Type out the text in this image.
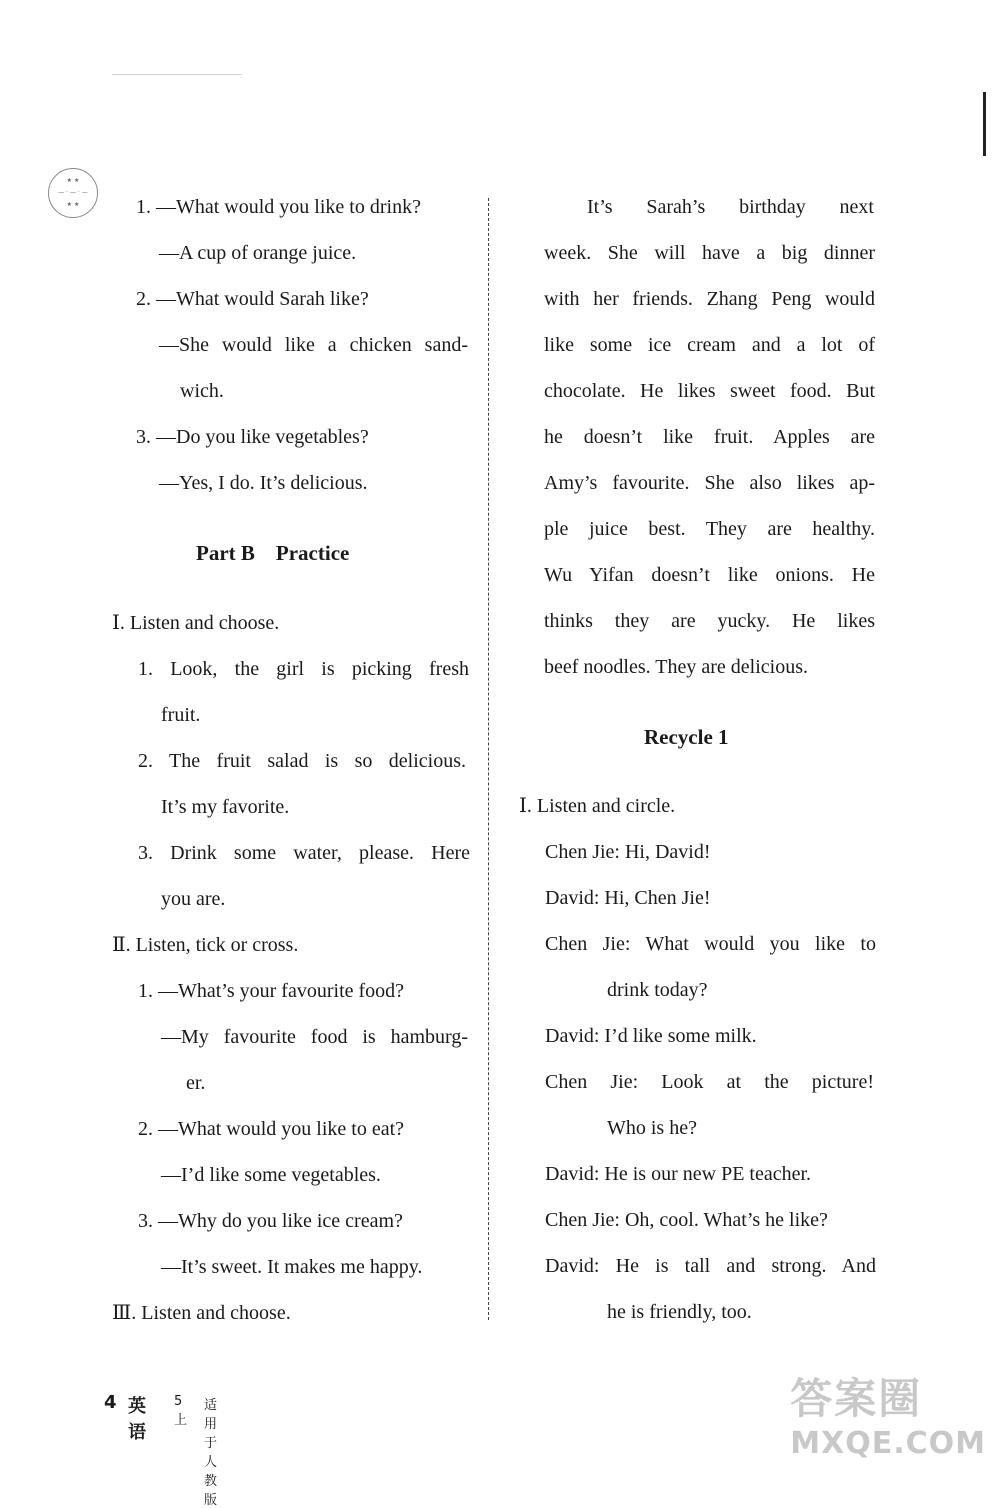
★ ★
— · — · —
★ ★	1. —What would you like to drink?
—A cup of orange juice.
2. —What would Sarah like?
—She would like a chicken sand-
wich.
3. —Do you like vegetables?
—Yes, I do. It’s delicious.
Part B    Practice
Ⅰ. Listen and choose.
1. Look, the girl is picking fresh
fruit.
2. The fruit salad is so delicious.
It’s my favorite.
3. Drink some water, please. Here
you are.
Ⅱ. Listen, tick or cross.
1. —What’s your favourite food?
—My favourite food is hamburg-
er.
2. —What would you like to eat?
—I’d like some vegetables.
3. —Why do you like ice cream?
—It’s sweet. It makes me happy.
Ⅲ. Listen and choose.
It’s Sarah’s birthday next
week. She will have a big dinner
with her friends. Zhang Peng would
like some ice cream and a lot of
chocolate. He likes sweet food. But
he doesn’t like fruit. Apples are
Amy’s favourite. She also likes ap-
ple juice best. They are healthy.
Wu Yifan doesn’t like onions. He
thinks they are yucky. He likes
beef noodles. They are delicious.
Recycle 1
Ⅰ. Listen and circle.
Chen Jie: Hi, David!
David: Hi, Chen Jie!
Chen Jie: What would you like to
drink today?
David: I’d like some milk.
Chen Jie: Look at the picture!
Who is he?
David: He is our new PE teacher.
Chen Jie: Oh, cool. What’s he like?
David: He is tall and strong. And
he is friendly, too.
4 英语
5上
适用于人教版
答案圈
MXQE.COM
